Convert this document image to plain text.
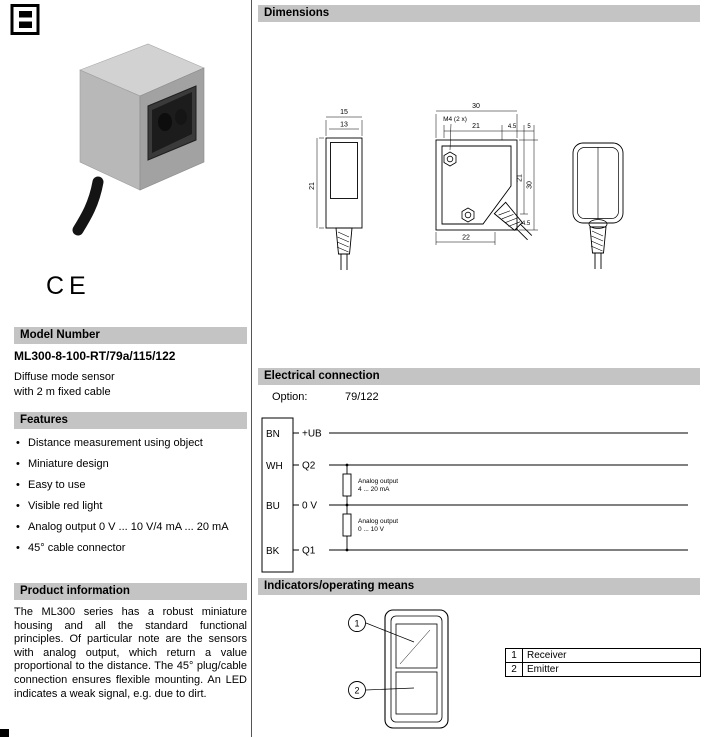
CE
Model Number
ML300-8-100-RT/79a/115/122
Diffuse mode sensor
with 2 m fixed cable
Features
• Distance measurement using object
• Miniature design
• Easy to use
• Visible red light
• Analog output 0 V ... 10 V/4 mA ... 20 mA
• 45° cable connector
Product information
The ML300 series has a robust miniature housing and all the standard functional principles. Of particular note are the sensors with analog output, which return a value proportional to the distance. The 45° plug/cable connection ensures flexible mounting. An LED indicates a weak signal, e.g. due to dirt.
Dimensions
15
13
21
30
M4 (2 x)
21	4.5 5
21
30
4.5
22
Electrical connection
Option:	79/122
BN
WH
BU
BK
+UB
Q2
0 V
Q1
Analog output
4 ... 20 mA
Analog output
0 ... 10 V
Indicators/operating means
1
2
1	Receiver
2	Emitter
